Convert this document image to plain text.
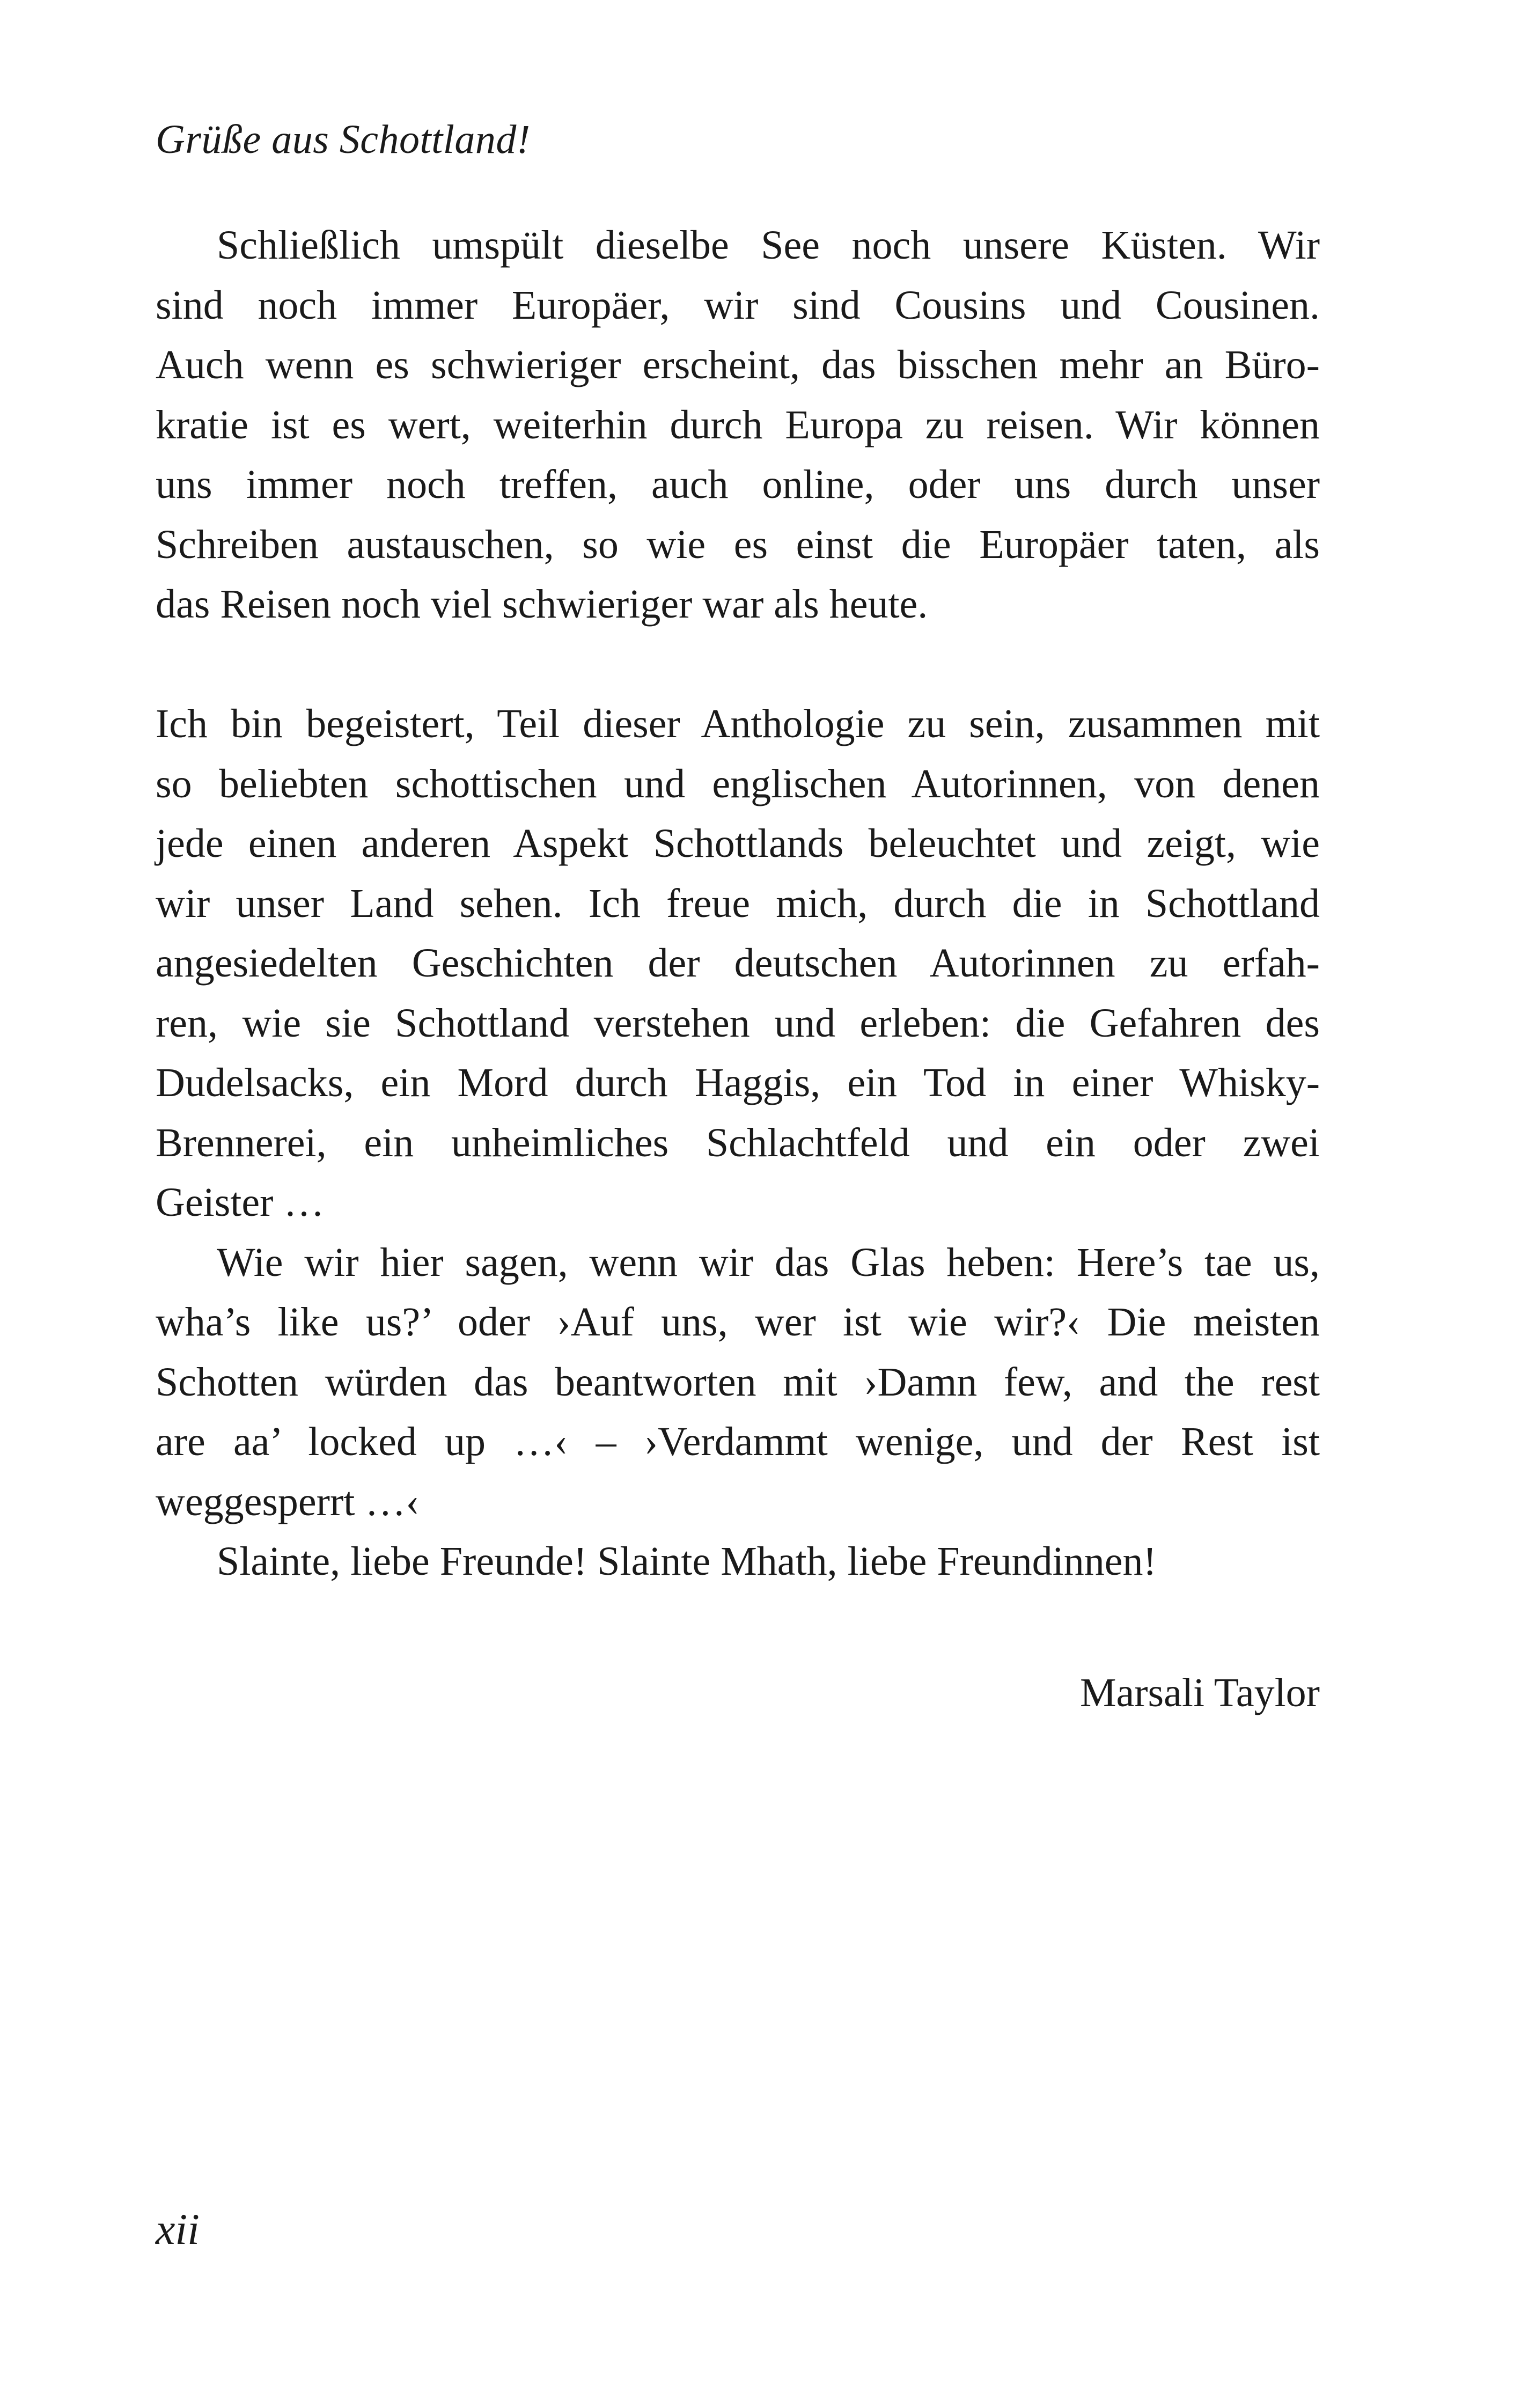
Grüße aus Schottland!
Schließlich umspült dieselbe See noch unsere Küsten. Wir
sind noch immer Europäer, wir sind Cousins und Cousinen.
Auch wenn es schwieriger erscheint, das bisschen mehr an Büro-
kratie ist es wert, weiterhin durch Europa zu reisen. Wir können
uns immer noch treffen, auch online, oder uns durch unser
Schreiben austauschen, so wie es einst die Europäer taten, als
das Reisen noch viel schwieriger war als heute.
Ich bin begeistert, Teil dieser Anthologie zu sein, zusammen mit
so beliebten schottischen und englischen Autorinnen, von denen
jede einen anderen Aspekt Schottlands beleuchtet und zeigt, wie
wir unser Land sehen. Ich freue mich, durch die in Schottland
angesiedelten Geschichten der deutschen Autorinnen zu erfah-
ren, wie sie Schottland verstehen und erleben: die Gefahren des
Dudelsacks, ein Mord durch Haggis, ein Tod in einer Whisky-
Brennerei, ein unheimliches Schlachtfeld und ein oder zwei
Geister …
Wie wir hier sagen, wenn wir das Glas heben: Here’s tae us,
wha’s like us?’ oder ›Auf uns, wer ist wie wir?‹ Die meisten
Schotten würden das beantworten mit ›Damn few, and the rest
are aa’ locked up …‹ – ›Verdammt wenige, und der Rest ist
weggesperrt …‹
Slainte, liebe Freunde! Slainte Mhath, liebe Freundinnen!
Marsali Taylor
xii
